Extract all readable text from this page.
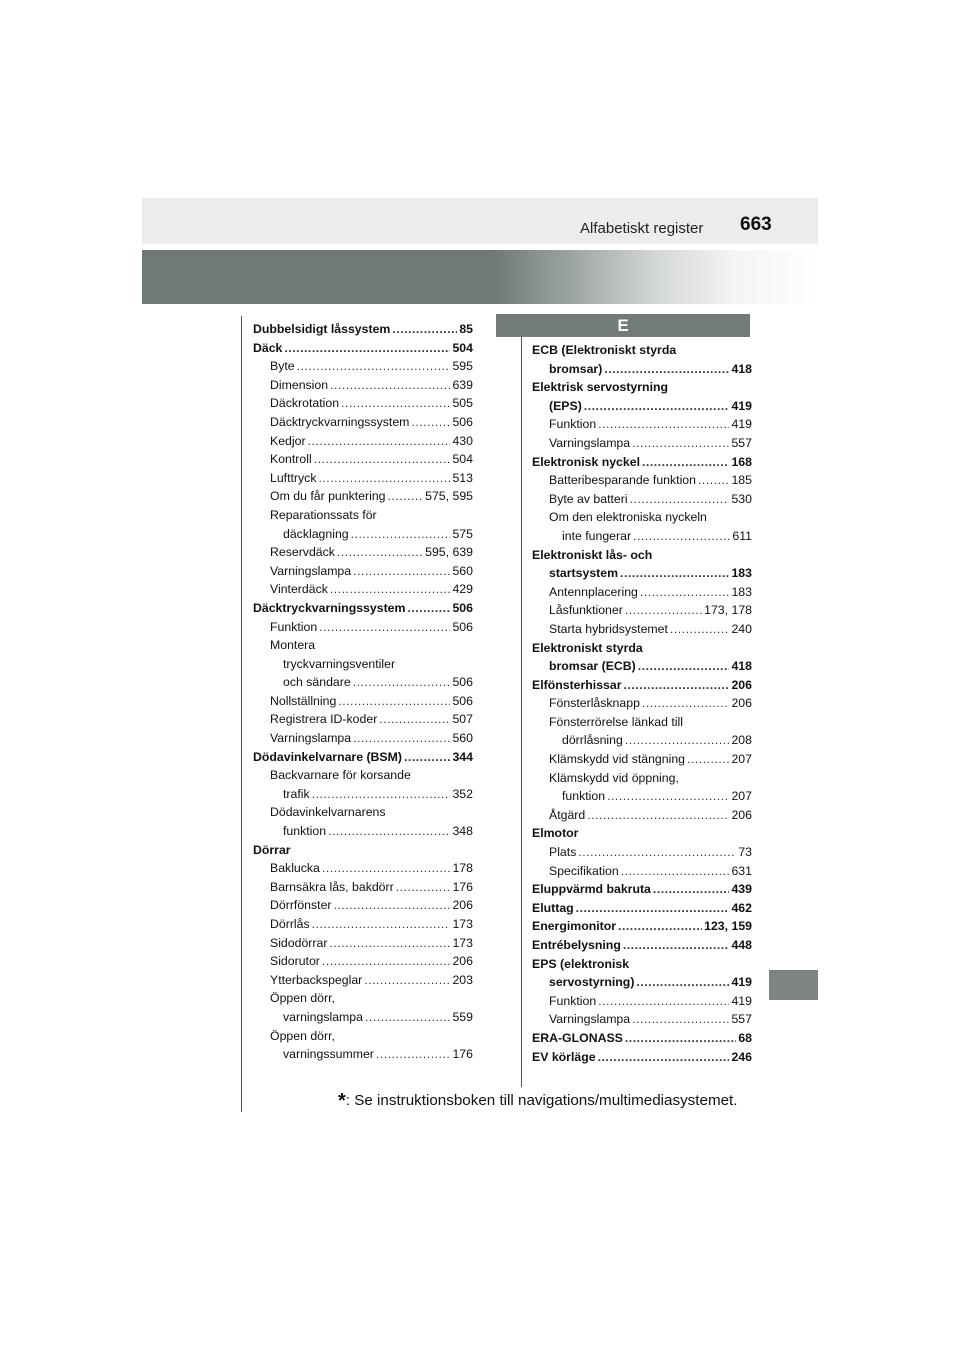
Alfabetiskt register 663
E
Dubbelsidigt låssystem .....	85
Däck .....	504
Byte .....	595
Dimension .....	639
Däckrotation .....	505
Däcktryckvarningssystem .....	506
Kedjor .....	430
Kontroll .....	504
Lufttryck .....	513
Om du får punktering .....	575, 595
Reparationssats för
däcklagning .....	575
Reservdäck .....	595, 639
Varningslampa .....	560
Vinterdäck .....	429
Däcktryckvarningssystem .....	506
Funktion .....	506
Montera
tryckvarningsventiler
och sändare .....	506
Nollställning .....	506
Registrera ID-koder .....	507
Varningslampa .....	560
Dödavinkelvarnare (BSM) .....	344
Backvarnare för korsande
trafik .....	352
Dödavinkelvarnarens
funktion .....	348
Dörrar
Baklucka .....	178
Barnsäkra lås, bakdörr .....	176
Dörrfönster .....	206
Dörrlås .....	173
Sidodörrar .....	173
Sidorutor .....	206
Ytterbackspeglar .....	203
Öppen dörr,
varningslampa .....	559
Öppen dörr,
varningssummer .....	176
ECB (Elektroniskt styrda
bromsar) .....	418
Elektrisk servostyrning
(EPS) .....	419
Funktion .....	419
Varningslampa .....	557
Elektronisk nyckel .....	168
Batteribesparande funktion .....	185
Byte av batteri .....	530
Om den elektroniska nyckeln
inte fungerar .....	611
Elektroniskt lås- och
startsystem .....	183
Antennplacering .....	183
Låsfunktioner .....	173, 178
Starta hybridsystemet .....	240
Elektroniskt styrda
bromsar (ECB) .....	418
Elfönsterhissar .....	206
Fönsterlåsknapp .....	206
Fönsterrörelse länkad till
dörrlåsning .....	208
Klämskydd vid stängning .....	207
Klämskydd vid öppning,
funktion .....	207
Åtgärd .....	206
Elmotor
Plats .....	73
Specifikation .....	631
Eluppvärmd bakruta .....	439
Eluttag .....	462
Energimonitor .....	123, 159
Entrébelysning .....	448
EPS (elektronisk
servostyrning) .....	419
Funktion .....	419
Varningslampa .....	557
ERA-GLONASS .....	68
EV körläge .....	246
*: Se instruktionsboken till navigations/multimediasystemet.
